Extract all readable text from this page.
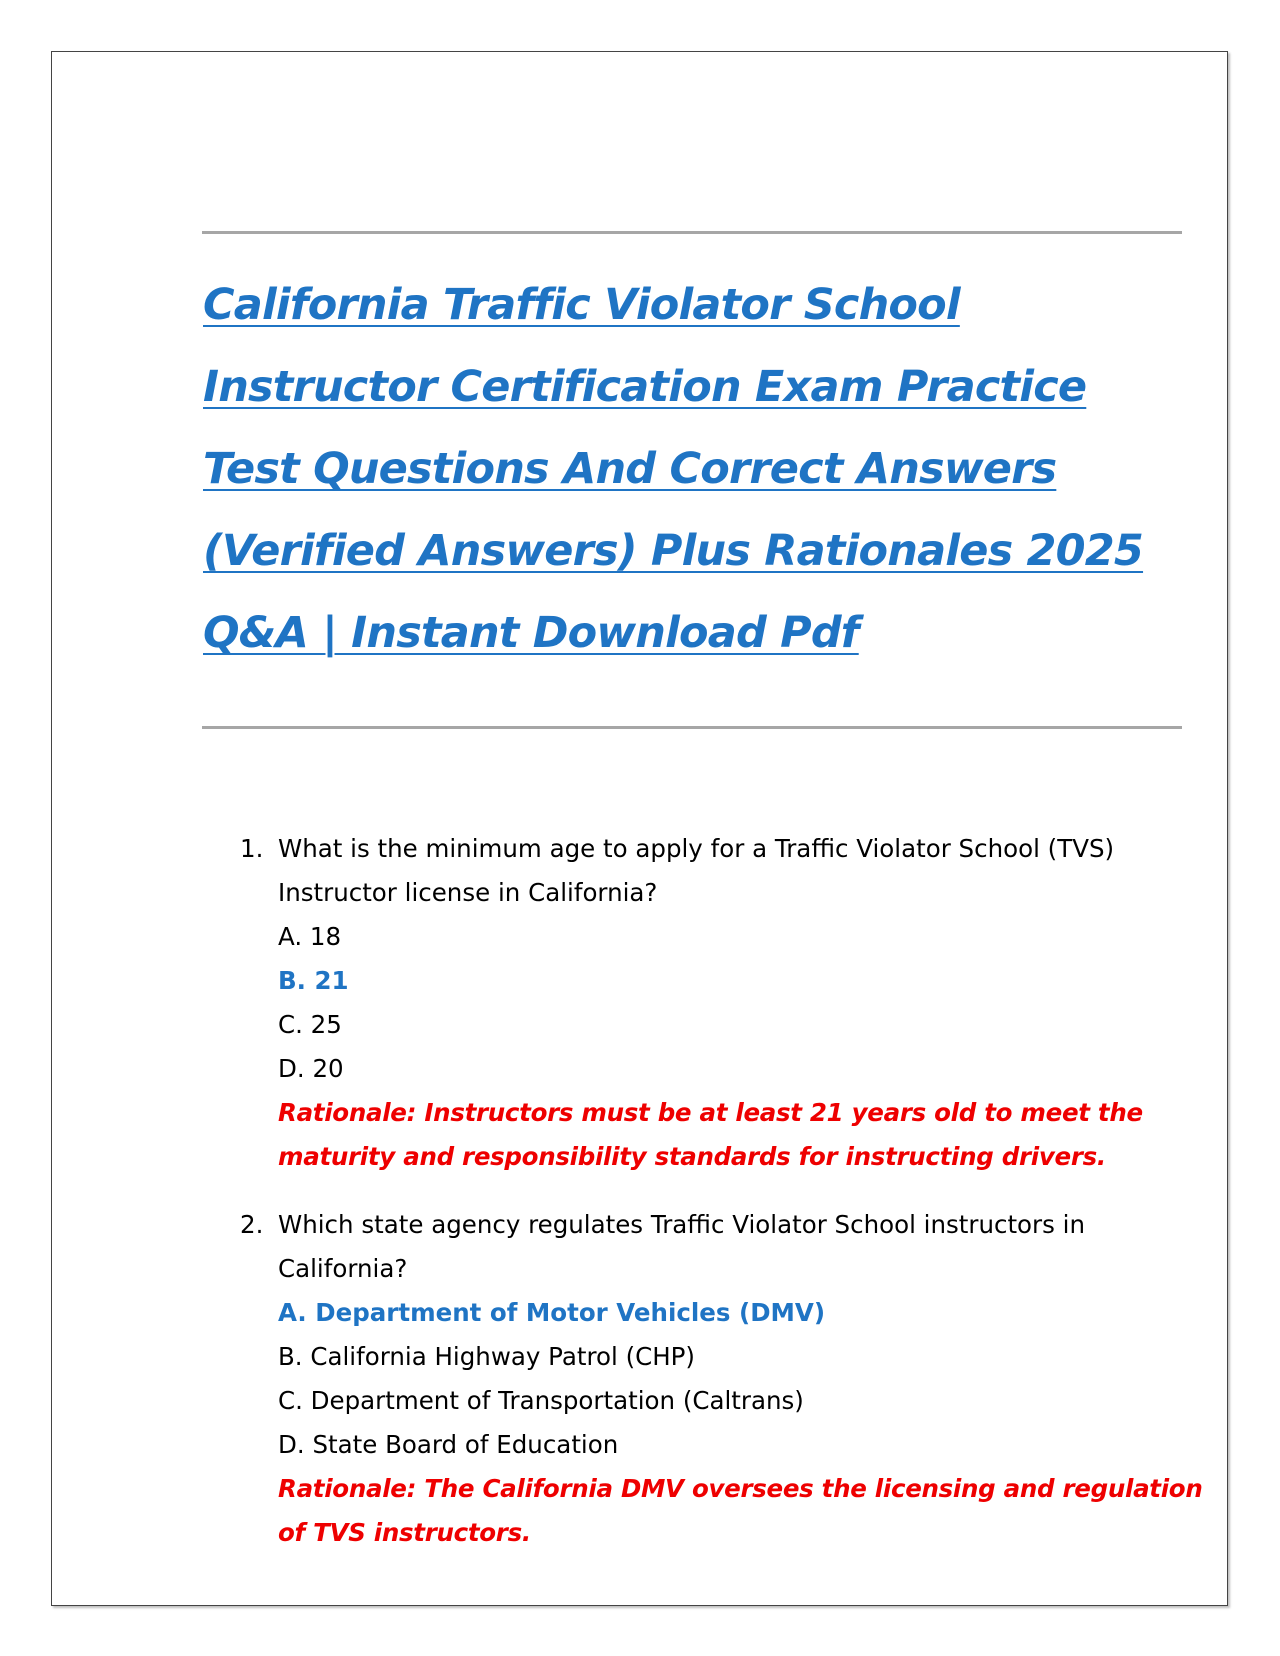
California Traffic Violator School
Instructor Certification Exam Practice
Test Questions And Correct Answers
(Verified Answers) Plus Rationales 2025
Q&A | Instant Download Pdf
1. What is the minimum age to apply for a Traffic Violator School (TVS)
Instructor license in California?
A. 18
B. 21
C. 25
D. 20
Rationale: Instructors must be at least 21 years old to meet the
maturity and responsibility standards for instructing drivers.
2. Which state agency regulates Traffic Violator School instructors in
California?
A. Department of Motor Vehicles (DMV)
B. California Highway Patrol (CHP)
C. Department of Transportation (Caltrans)
D. State Board of Education
Rationale: The California DMV oversees the licensing and regulation
of TVS instructors.
